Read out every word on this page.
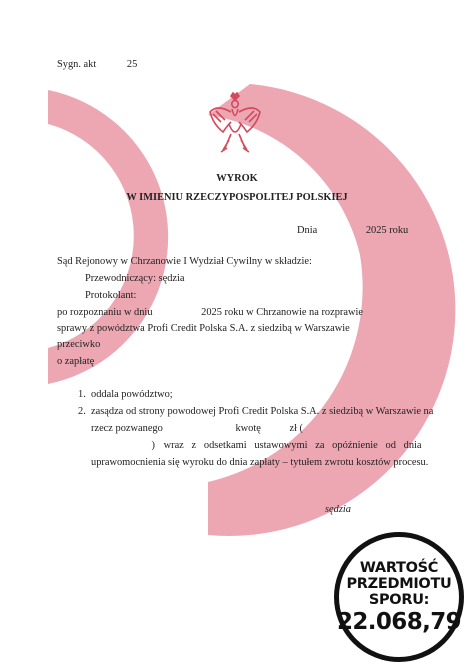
Sygn. akt	25
WYROK
W IMIENIU RZECZYPOSPOLITEJ POLSKIEJ
Dnia	2025 roku
Sąd Rejonowy w Chrzanowie I Wydział Cywilny w składzie:
Przewodniczący: sędzia
Protokolant:
po rozpoznaniu w dniu	2025 roku w Chrzanowie na rozprawie
sprawy z powództwa Profi Credit Polska S.A. z siedzibą w Warszawie
przeciwko
o zapłatę
1. oddala powództwo;
2. zasądza od strony powodowej Profi Credit Polska S.A. z siedzibą w Warszawie na
rzecz pozwanego	kwotę	zł (
) wraz z odsetkami ustawowymi za opóźnienie od dnia
uprawomocnienia się wyroku do dnia zapłaty – tytułem zwrotu kosztów procesu.
sędzia
WARTOŚĆ
PRZEDMIOTU
SPORU:
22.068,79
